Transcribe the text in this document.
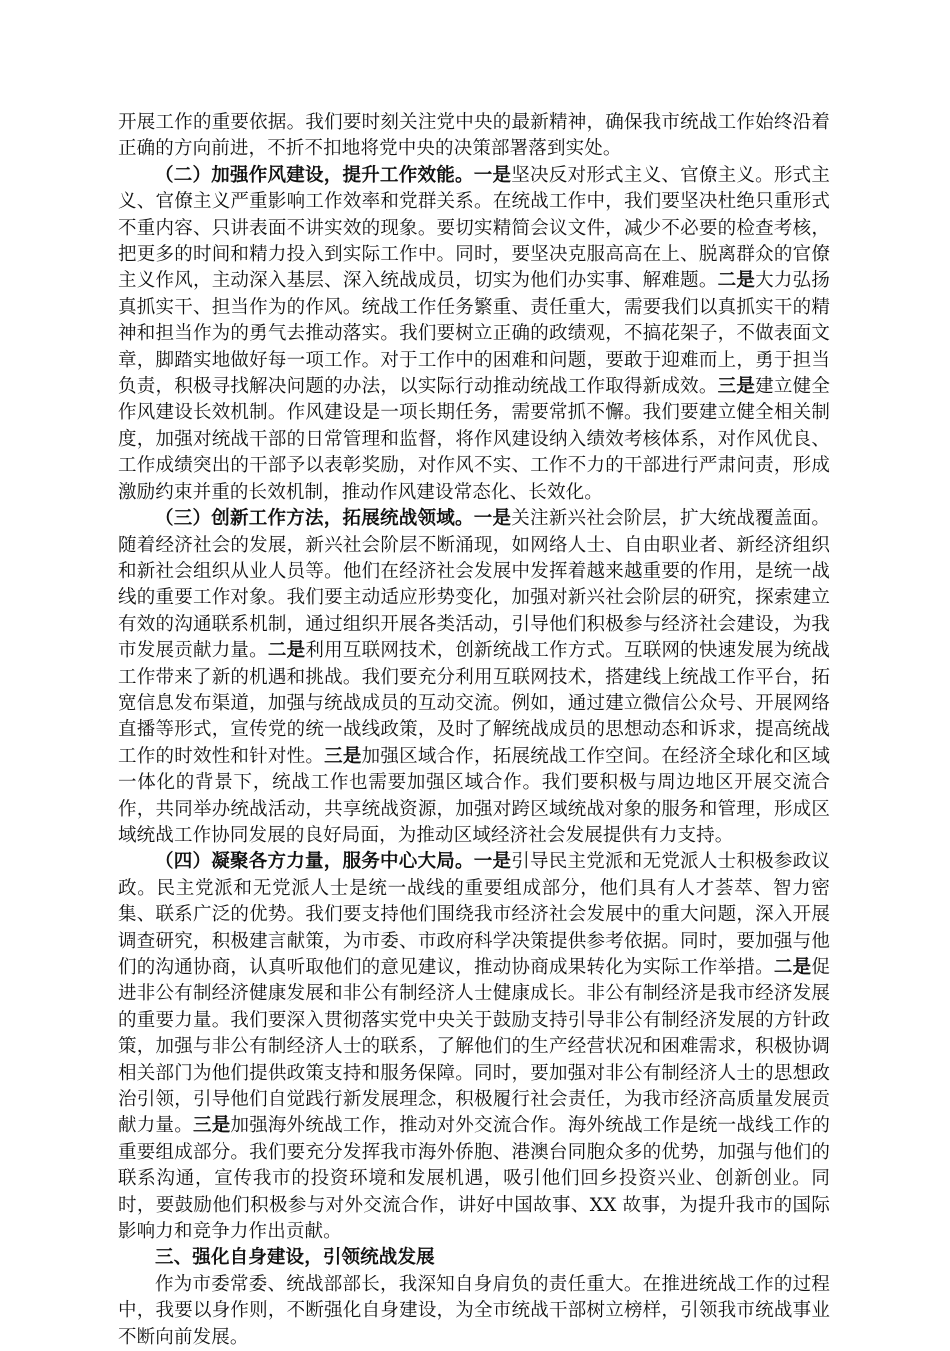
开展工作的重要依据。我们要时刻关注党中央的最新精神，确保我市统战工作始终沿着正确的方向前进，不折不扣地将党中央的决策部署落到实处。

（二）加强作风建设，提升工作效能。一是坚决反对形式主义、官僚主义。形式主义、官僚主义严重影响工作效率和党群关系。在统战工作中，我们要坚决杜绝只重形式不重内容、只讲表面不讲实效的现象。要切实精简会议文件，减少不必要的检查考核，把更多的时间和精力投入到实际工作中。同时，要坚决克服高高在上、脱离群众的官僚主义作风，主动深入基层、深入统战成员，切实为他们办实事、解难题。二是大力弘扬真抓实干、担当作为的作风。统战工作任务繁重、责任重大，需要我们以真抓实干的精神和担当作为的勇气去推动落实。我们要树立正确的政绩观，不搞花架子，不做表面文章，脚踏实地做好每一项工作。对于工作中的困难和问题，要敢于迎难而上，勇于担当负责，积极寻找解决问题的办法，以实际行动推动统战工作取得新成效。三是建立健全作风建设长效机制。作风建设是一项长期任务，需要常抓不懈。我们要建立健全相关制度，加强对统战干部的日常管理和监督，将作风建设纳入绩效考核体系，对作风优良、工作成绩突出的干部予以表彰奖励，对作风不实、工作不力的干部进行严肃问责，形成激励约束并重的长效机制，推动作风建设常态化、长效化。

（三）创新工作方法，拓展统战领域。一是关注新兴社会阶层，扩大统战覆盖面。随着经济社会的发展，新兴社会阶层不断涌现，如网络人士、自由职业者、新经济组织和新社会组织从业人员等。他们在经济社会发展中发挥着越来越重要的作用，是统一战线的重要工作对象。我们要主动适应形势变化，加强对新兴社会阶层的研究，探索建立有效的沟通联系机制，通过组织开展各类活动，引导他们积极参与经济社会建设，为我市发展贡献力量。二是利用互联网技术，创新统战工作方式。互联网的快速发展为统战工作带来了新的机遇和挑战。我们要充分利用互联网技术，搭建线上统战工作平台，拓宽信息发布渠道，加强与统战成员的互动交流。例如，通过建立微信公众号、开展网络直播等形式，宣传党的统一战线政策，及时了解统战成员的思想动态和诉求，提高统战工作的时效性和针对性。三是加强区域合作，拓展统战工作空间。在经济全球化和区域一体化的背景下，统战工作也需要加强区域合作。我们要积极与周边地区开展交流合作，共同举办统战活动，共享统战资源，加强对跨区域统战对象的服务和管理，形成区域统战工作协同发展的良好局面，为推动区域经济社会发展提供有力支持。

（四）凝聚各方力量，服务中心大局。一是引导民主党派和无党派人士积极参政议政。民主党派和无党派人士是统一战线的重要组成部分，他们具有人才荟萃、智力密集、联系广泛的优势。我们要支持他们围绕我市经济社会发展中的重大问题，深入开展调查研究，积极建言献策，为市委、市政府科学决策提供参考依据。同时，要加强与他们的沟通协商，认真听取他们的意见建议，推动协商成果转化为实际工作举措。二是促进非公有制经济健康发展和非公有制经济人士健康成长。非公有制经济是我市经济发展的重要力量。我们要深入贯彻落实党中央关于鼓励支持引导非公有制经济发展的方针政策，加强与非公有制经济人士的联系，了解他们的生产经营状况和困难需求，积极协调相关部门为他们提供政策支持和服务保障。同时，要加强对非公有制经济人士的思想政治引领，引导他们自觉践行新发展理念，积极履行社会责任，为我市经济高质量发展贡献力量。三是加强海外统战工作，推动对外交流合作。海外统战工作是统一战线工作的重要组成部分。我们要充分发挥我市海外侨胞、港澳台同胞众多的优势，加强与他们的联系沟通，宣传我市的投资环境和发展机遇，吸引他们回乡投资兴业、创新创业。同时，要鼓励他们积极参与对外交流合作，讲好中国故事、XX 故事，为提升我市的国际影响力和竞争力作出贡献。

三、强化自身建设，引领统战发展

作为市委常委、统战部部长，我深知自身肩负的责任重大。在推进统战工作的过程中，我要以身作则，不断强化自身建设，为全市统战干部树立榜样，引领我市统战事业不断向前发展。
